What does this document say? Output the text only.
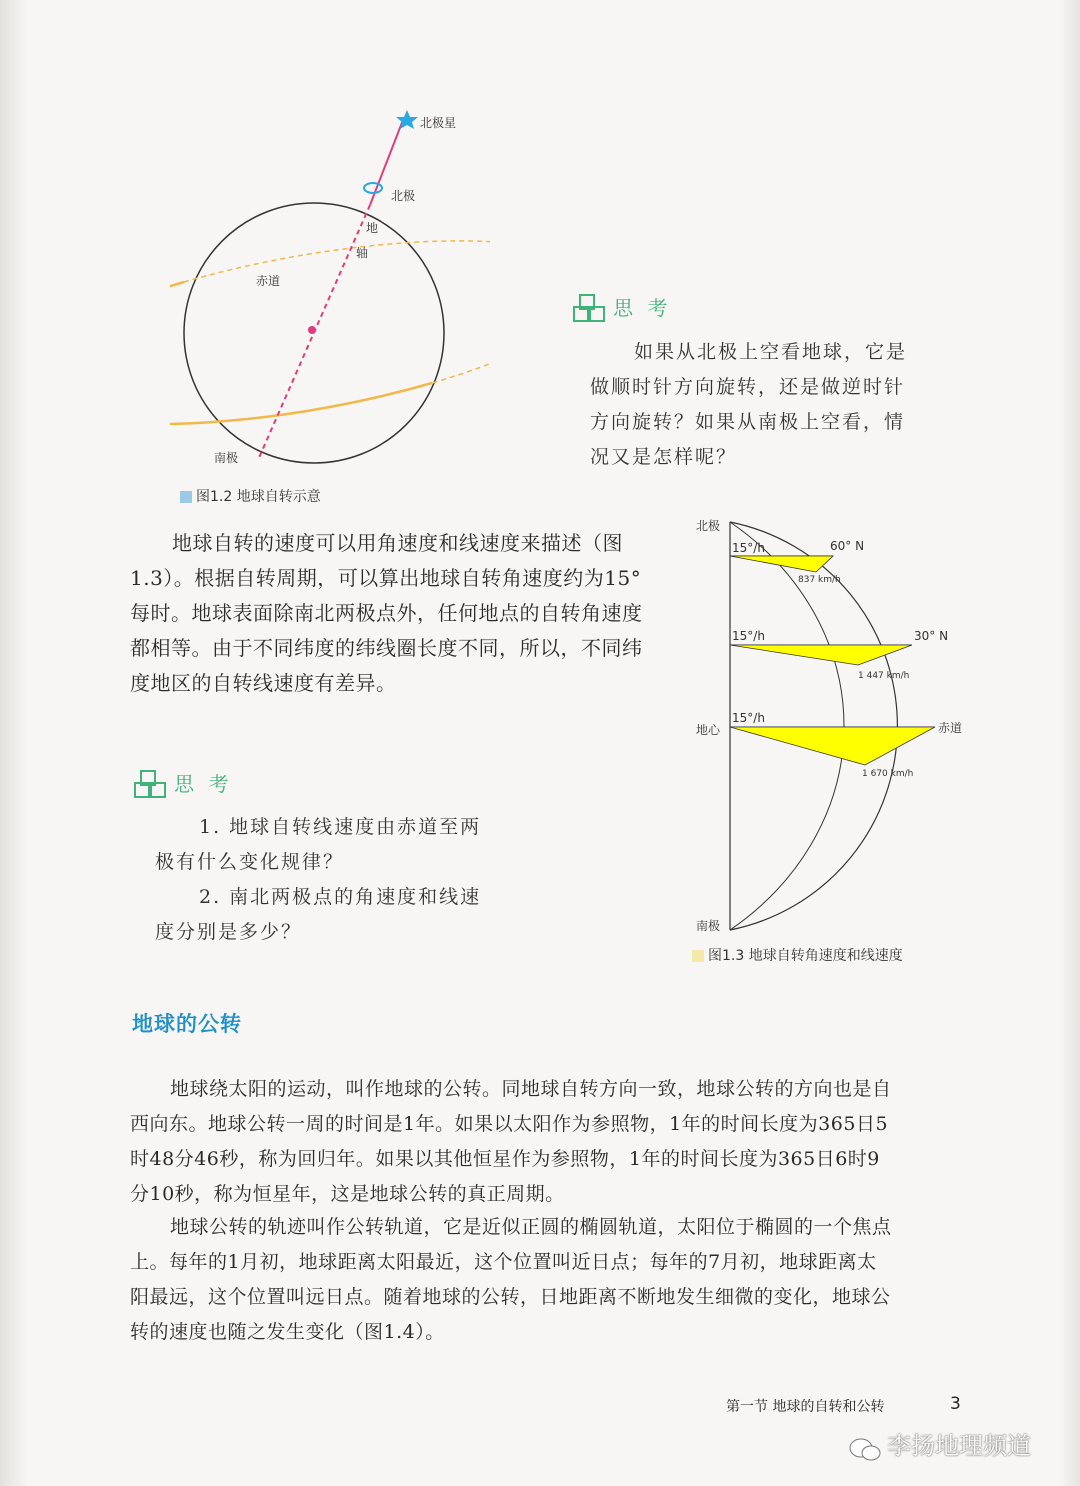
北极星
北极
地
轴
赤道
南极
图1.2 地球自转示意
思 考
如果从北极上空看地球，它是
做顺时针方向旋转，还是做逆时针
方向旋转？如果从南极上空看，情
况又是怎样呢？
地球自转的速度可以用角速度和线速度来描述（图
1.3）。根据自转周期，可以算出地球自转角速度约为15°
每时。地球表面除南北两极点外，任何地点的自转角速度
都相等。由于不同纬度的纬线圈长度不同，所以，不同纬
度地区的自转线速度有差异。
北极
地心
南极
赤道
15°/h	60° N
837 km/h
15°/h	30° N
1 447 km/h
15°/h
1 670 km/h
图1.3 地球自转角速度和线速度
思 考
1. 地球自转线速度由赤道至两
极有什么变化规律？
2. 南北两极点的角速度和线速
度分别是多少？
地球的公转
地球绕太阳的运动，叫作地球的公转。同地球自转方向一致，地球公转的方向也是自
西向东。地球公转一周的时间是1年。如果以太阳作为参照物，1年的时间长度为365日5
时48分46秒，称为回归年。如果以其他恒星作为参照物，1年的时间长度为365日6时9
分10秒，称为恒星年，这是地球公转的真正周期。
地球公转的轨迹叫作公转轨道，它是近似正圆的椭圆轨道，太阳位于椭圆的一个焦点
上。每年的1月初，地球距离太阳最近，这个位置叫近日点；每年的7月初，地球距离太
阳最远，这个位置叫远日点。随着地球的公转，日地距离不断地发生细微的变化，地球公
转的速度也随之发生变化（图1.4）。
第一节 地球的自转和公转	3
李扬地理频道
